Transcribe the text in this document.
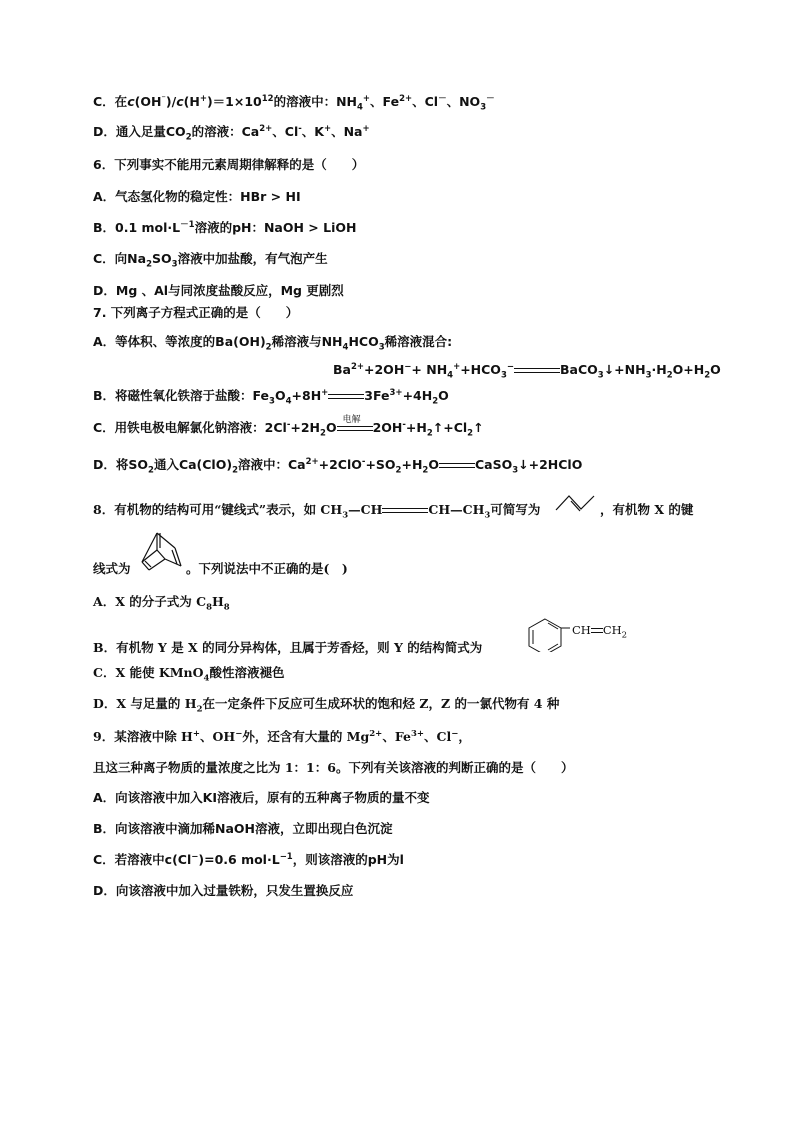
C．在$c(OH^{^-})/c(H^+)=1\times 10^{12}$的溶液中：$NH_4^+$、$Fe^{2+}$、Cl－、$NO_3^-$
D．通入足量$CO_2$的溶液：$Ca^{2+}$、Cl-、K+、Na+
6．下列事实不能用元素周期律解释的是（　　）
A．气态氢化物的稳定性：HBr > HI
B．0.1 $mol\cdot L^{-1}$溶液的pH：NaOH > LiOH
C．向$Na_2SO_3$溶液中加盐酸，有气泡产生
D．Mg 、Al与同浓度盐酸反应，Mg 更剧烈
7. 下列离子方程式正确的是（　　）
A．等体积、等浓度的$Ba(OH)_2$稀溶液与$NH_4HCO_3$稀溶液混合:
$Ba^{2+}+2OH^-+ NH_4^++HCO_3^-$	$BaCO_3↓+NH_3\cdot H_2O+H_2O$
B．将磁性氧化铁溶于盐酸：$Fe_3O_4+8H^+$	$3Fe^{3+}+4H_2O$
C．用铁电极电解氯化钠溶液：$2Cl^-+2H_2O$
电解
$2OH^-+H_2↑+Cl_2↑$
D．将$SO_2$通入$Ca(ClO)_2$溶液中：$Ca^{2+}+2ClO^-+SO_2+H_2O$	CaSO$_3$↓+2HClO
8．有机物的结构可用“键线式”表示，如 $CH_3—CH$	$CH—CH_3$可简写为	，有机物 X 的键
线式为	。下列说法中不正确的是(　)
A．X 的分子式为 $C_8H_8$
B．有机物 Y 是 X 的同分异构体，且属于芳香烃，则 Y 的结构简式为
CH $CH_2$
C．X 能使 KMnO$_4$酸性溶液褪色
D．X 与足量的 $H_2$在一定条件下反应可生成环状的饱和烃 Z，Z 的一氯代物有 4 种
9．某溶液中除 H+、OH−外，还含有大量的 $Mg^{2+}$、$Fe^{3+}$、Cl−，
且这三种离子物质的量浓度之比为 1：1：6。下列有关该溶液的判断正确的是（　　）
A．向该溶液中加入KI溶液后，原有的五种离子物质的量不变
B．向该溶液中滴加稀NaOH溶液，立即出现白色沉淀
C．若溶液中c(Cl−)=0.6 $mol\cdot L^{-1}$，则该溶液的pH为l
D．向该溶液中加入过量铁粉，只发生置换反应
